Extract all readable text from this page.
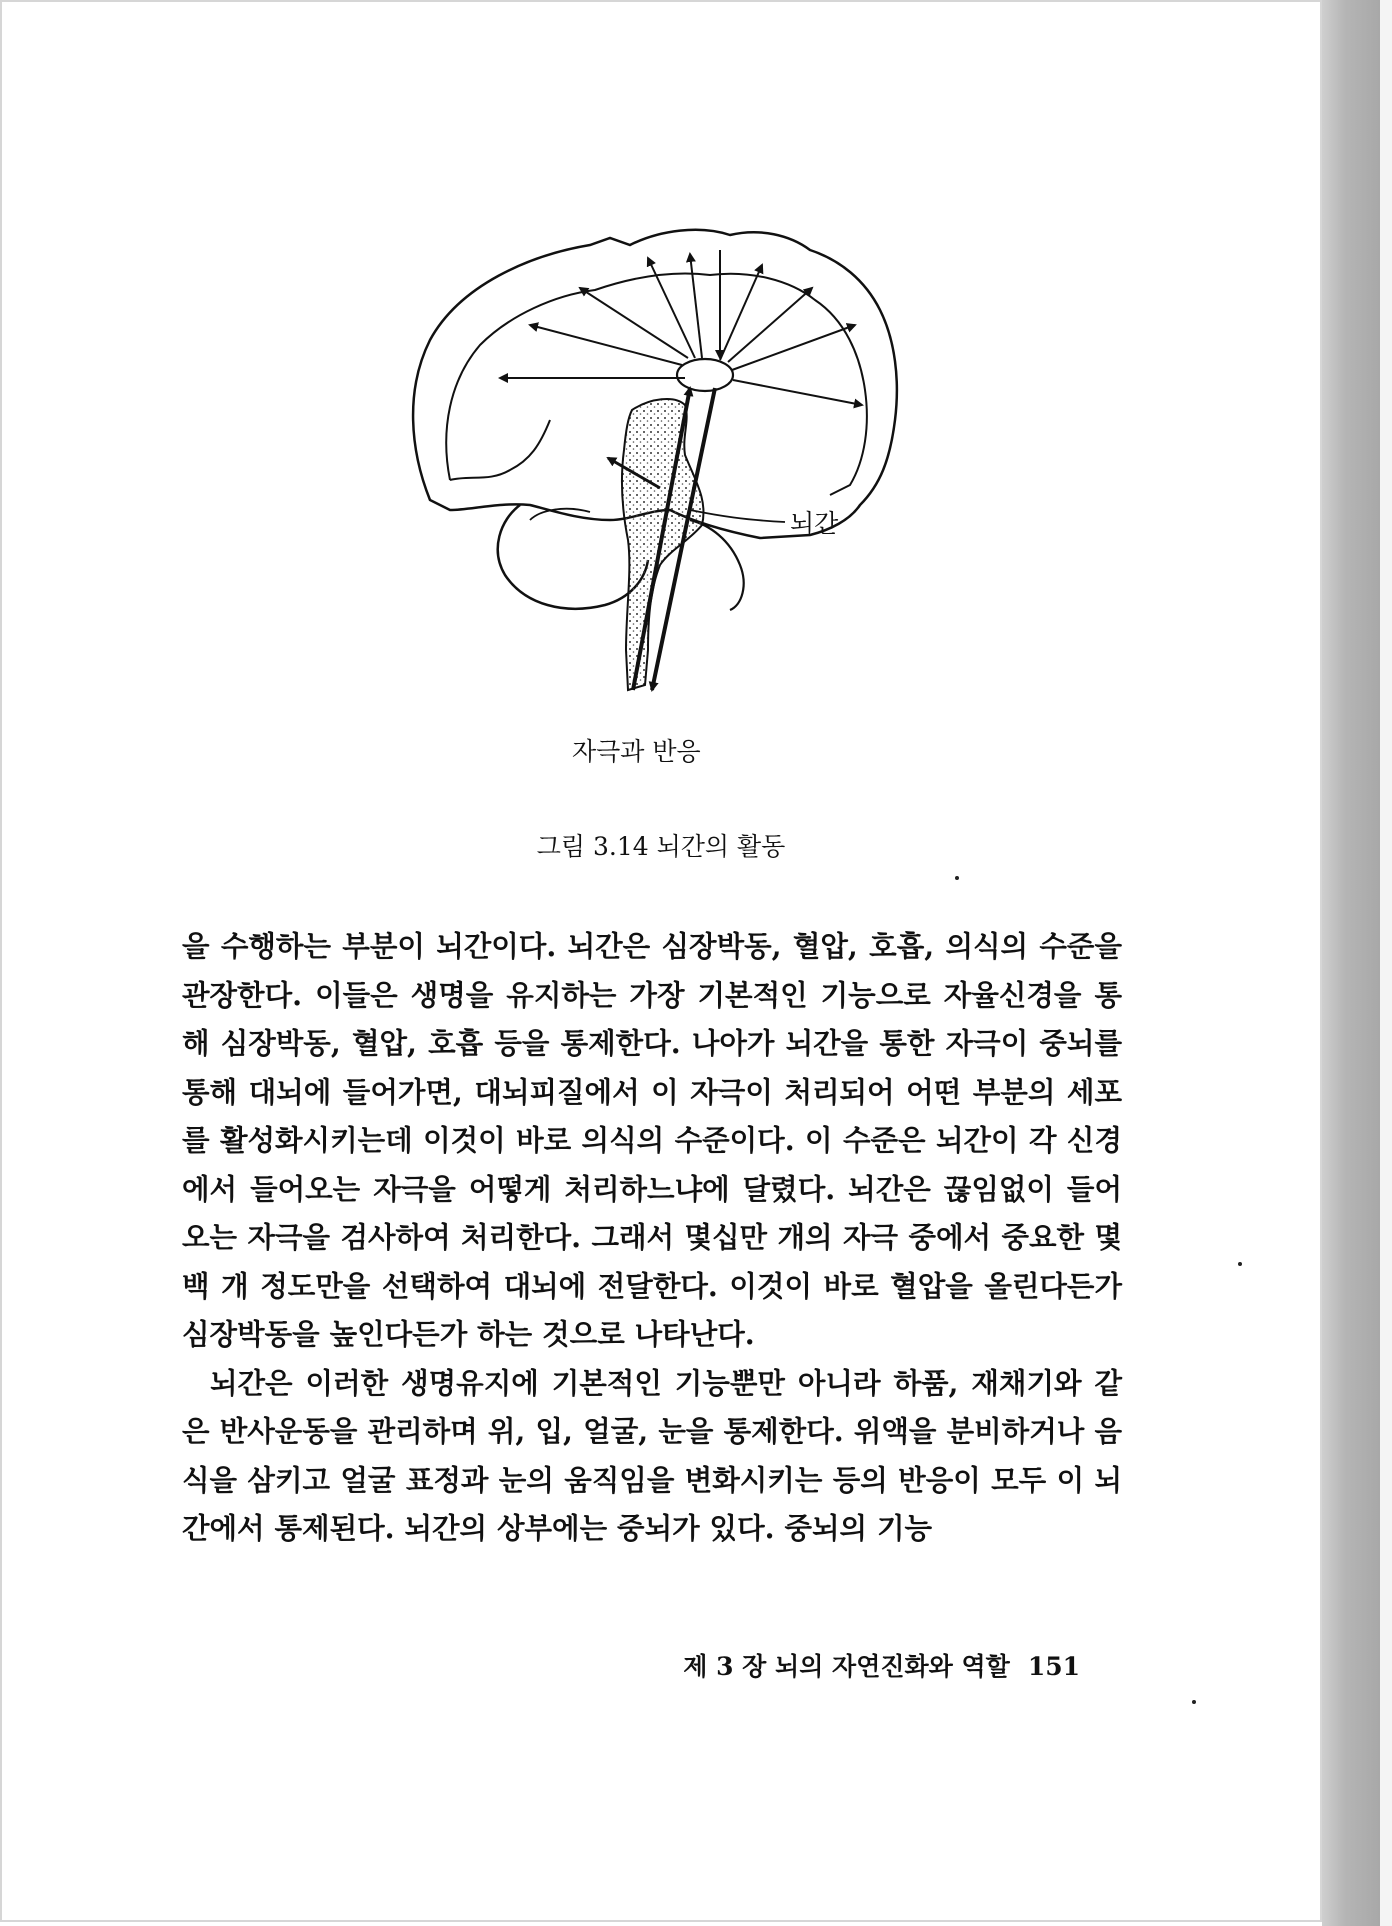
뇌간
자극과 반응
그림 3.14 뇌간의 활동

을 수행하는 부분이 뇌간이다. 뇌간은 심장박동, 혈압, 호흡, 의식의 수준을 관장한다. 이들은 생명을 유지하는 가장 기본적인 기능으로 자율신경을 통해 심장박동, 혈압, 호흡 등을 통제한다. 나아가 뇌간을 통한 자극이 중뇌를 통해 대뇌에 들어가면, 대뇌피질에서 이 자극이 처리되어 어떤 부분의 세포를 활성화시키는데 이것이 바로 의식의 수준이다. 이 수준은 뇌간이 각 신경에서 들어오는 자극을 어떻게 처리하느냐에 달렸다. 뇌간은 끊임없이 들어오는 자극을 검사하여 처리한다. 그래서 몇십만 개의 자극 중에서 중요한 몇 백 개 정도만을 선택하여 대뇌에 전달한다. 이것이 바로 혈압을 올린다든가 심장박동을 높인다든가 하는 것으로 나타난다.

뇌간은 이러한 생명유지에 기본적인 기능뿐만 아니라 하품, 재채기와 같은 반사운동을 관리하며 위, 입, 얼굴, 눈을 통제한다. 위액을 분비하거나 음식을 삼키고 얼굴 표정과 눈의 움직임을 변화시키는 등의 반응이 모두 이 뇌간에서 통제된다. 뇌간의 상부에는 중뇌가 있다. 중뇌의 기능

제 3 장 뇌의 자연진화와 역할 151
